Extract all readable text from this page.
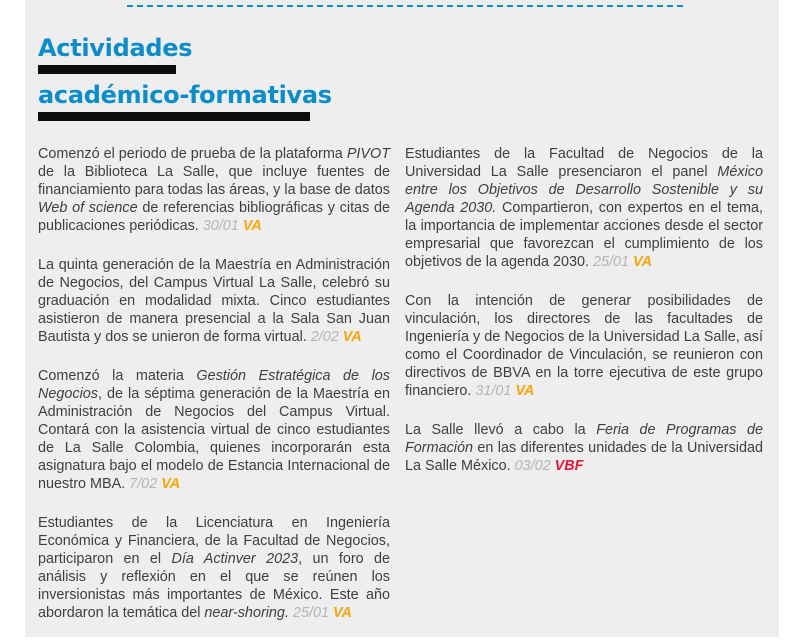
Actividades
académico-formativas

Comenzó el periodo de prueba de la plataforma PIVOT de la Biblioteca La Salle, que incluye fuentes de financiamiento para todas las áreas, y la base de datos Web of science de referencias bibliográficas y citas de publicaciones periódicas. 30/01 VA

La quinta generación de la Maestría en Administración de Negocios, del Campus Virtual La Salle, celebró su graduación en modalidad mixta. Cinco estudiantes asistieron de manera presencial a la Sala San Juan Bautista y dos se unieron de forma virtual. 2/02 VA

Comenzó la materia Gestión Estratégica de los Negocios, de la séptima generación de la Maestría en Administración de Negocios del Campus Virtual. Contará con la asistencia virtual de cinco estudiantes de La Salle Colombia, quienes incorporarán esta asignatura bajo el modelo de Estancia Internacional de nuestro MBA. 7/02 VA

Estudiantes de la Licenciatura en Ingeniería Económica y Financiera, de la Facultad de Negocios, participaron en el Día Actinver 2023, un foro de análisis y reflexión en el que se reúnen los inversionistas más importantes de México. Este año abordaron la temática del near-shoring. 25/01 VA

Estudiantes de la Facultad de Negocios de la Universidad La Salle presenciaron el panel México entre los Objetivos de Desarrollo Sostenible y su Agenda 2030. Compartieron, con expertos en el tema, la importancia de implementar acciones desde el sector empresarial que favorezcan el cumplimiento de los objetivos de la agenda 2030. 25/01 VA

Con la intención de generar posibilidades de vinculación, los directores de las facultades de Ingeniería y de Negocios de la Universidad La Salle, así como el Coordinador de Vinculación, se reunieron con directivos de BBVA en la torre ejecutiva de este grupo financiero. 31/01 VA

La Salle llevó a cabo la Feria de Programas de Formación en las diferentes unidades de la Universidad La Salle México. 03/02 VBF
